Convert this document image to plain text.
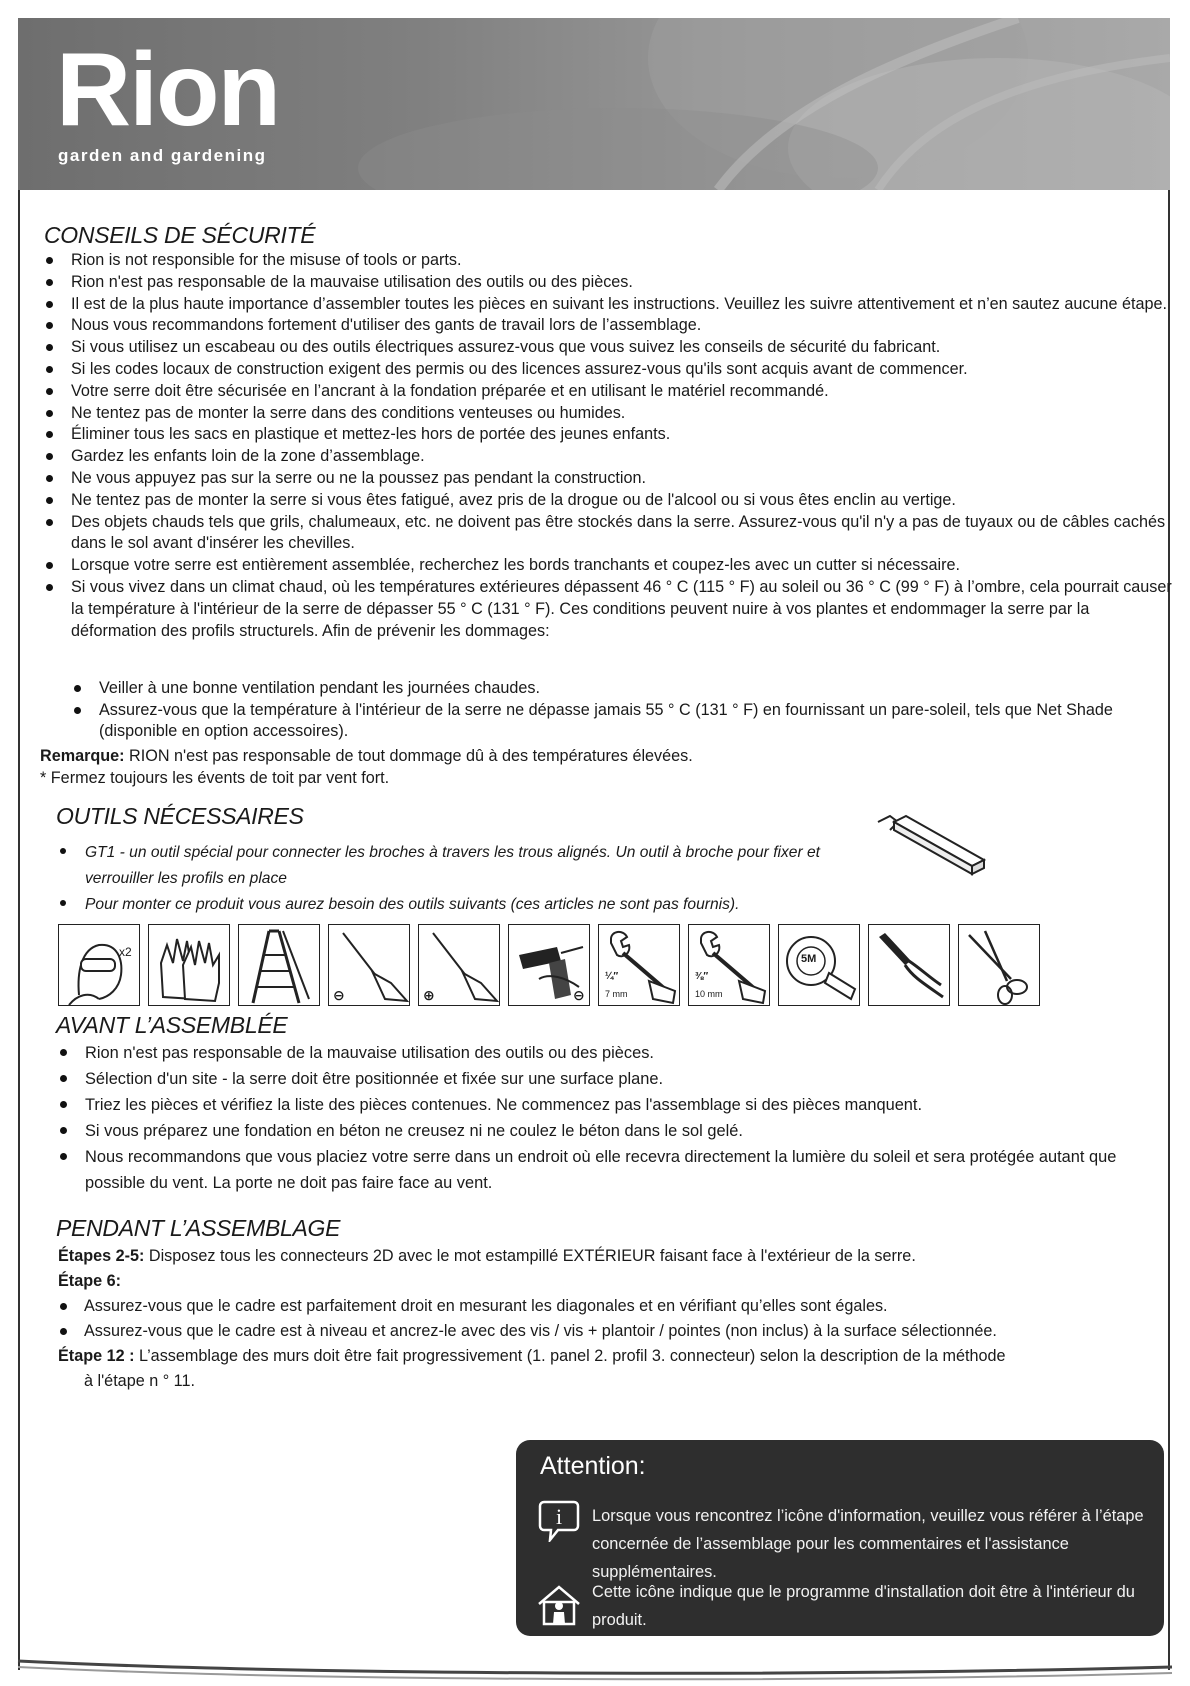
Rion
garden and gardening
CONSEILS DE SÉCURITÉ
Rion is not responsible for the misuse of tools or parts.
Rion n'est pas responsable de la mauvaise utilisation des outils ou des pièces.
Il est de la plus haute importance d’assembler toutes les pièces en suivant les instructions. Veuillez les suivre attentivement et n’en sautez aucune étape.
Nous vous recommandons fortement d'utiliser des gants de travail lors de l’assemblage.
Si vous utilisez un escabeau ou des outils électriques assurez-vous que vous suivez les conseils de sécurité du fabricant.
Si les codes locaux de construction exigent des permis ou des licences assurez-vous qu'ils sont acquis avant de commencer.
Votre serre doit être sécurisée en l’ancrant à la fondation préparée et en utilisant le matériel recommandé.
Ne tentez pas de monter la serre dans des conditions venteuses ou humides.
Éliminer tous les sacs en plastique et mettez-les hors de portée des jeunes enfants.
Gardez les enfants loin de la zone d’assemblage.
Ne vous appuyez pas sur la serre ou ne la poussez pas pendant la construction.
Ne tentez pas de monter la serre si vous êtes fatigué, avez pris de la drogue ou de l'alcool ou si vous êtes enclin au vertige.
Des objets chauds tels que grils, chalumeaux, etc. ne doivent pas être stockés dans la serre. Assurez-vous qu'il n'y a pas de tuyaux ou de câbles cachés dans le sol avant d'insérer les chevilles.
Lorsque votre serre est entièrement assemblée, recherchez les bords tranchants et coupez-les avec un cutter si nécessaire.
Si vous vivez dans un climat chaud, où les températures extérieures dépassent 46 ° C (115 ° F) au soleil ou 36 ° C (99 ° F) à l’ombre, cela pourrait causer la température à l'intérieur de la serre de dépasser 55 ° C (131 ° F). Ces conditions peuvent nuire à vos plantes et endommager la serre par la déformation des profils structurels. Afin de prévenir les dommages:
Veiller à une bonne ventilation pendant les journées chaudes.
Assurez-vous que la température à l'intérieur de la serre ne dépasse jamais 55 ° C (131 ° F) en fournissant un pare-soleil, tels que Net Shade (disponible en option accessoires).
Remarque: RION n'est pas responsable de tout dommage dû à des températures élevées.
* Fermez toujours les évents de toit par vent fort.
OUTILS NÉCESSAIRES
GT1 - un outil spécial pour connecter les broches à travers les trous alignés. Un outil à broche pour fixer et verrouiller les profils en place
Pour monter ce produit vous aurez besoin des outils suivants (ces articles ne sont pas fournis).
x2
⊖	⊕	⊖
¼″
7 mm
⅜″
10 mm
5M
AVANT L’ASSEMBLÉE
Rion n'est pas responsable de la mauvaise utilisation des outils ou des pièces.
Sélection d'un site - la serre doit être positionnée et fixée sur une surface plane.
Triez les pièces et vérifiez la liste des pièces contenues. Ne commencez pas l'assemblage si des pièces manquent.
Si vous préparez une fondation en béton ne creusez ni ne coulez le béton dans le sol gelé.
Nous recommandons que vous placiez votre serre dans un endroit où elle recevra directement la lumière du soleil et sera protégée autant que possible du vent. La porte ne doit pas faire face au vent.
PENDANT L’ASSEMBLAGE
Étapes 2-5: Disposez tous les connecteurs 2D avec le mot estampillé EXTÉRIEUR faisant face à l'extérieur de la serre.
Étape 6:
Assurez-vous que le cadre est parfaitement droit en mesurant les diagonales et en vérifiant qu’elles sont égales.
Assurez-vous que le cadre est à niveau et ancrez-le avec des vis / vis + plantoir / pointes (non inclus) à la surface sélectionnée.
Étape 12 : L’assemblage des murs doit être fait progressivement (1. panel 2. profil 3. connecteur) selon la description de la méthode
à l'étape n ° 11.
Attention:
i Lorsque vous rencontrez l’icône d'information, veuillez vous référer à l’étape concernée de l’assemblage pour les commentaires et l'assistance supplémentaires.
Cette icône indique que le programme d'installation doit être à l'intérieur du produit.
